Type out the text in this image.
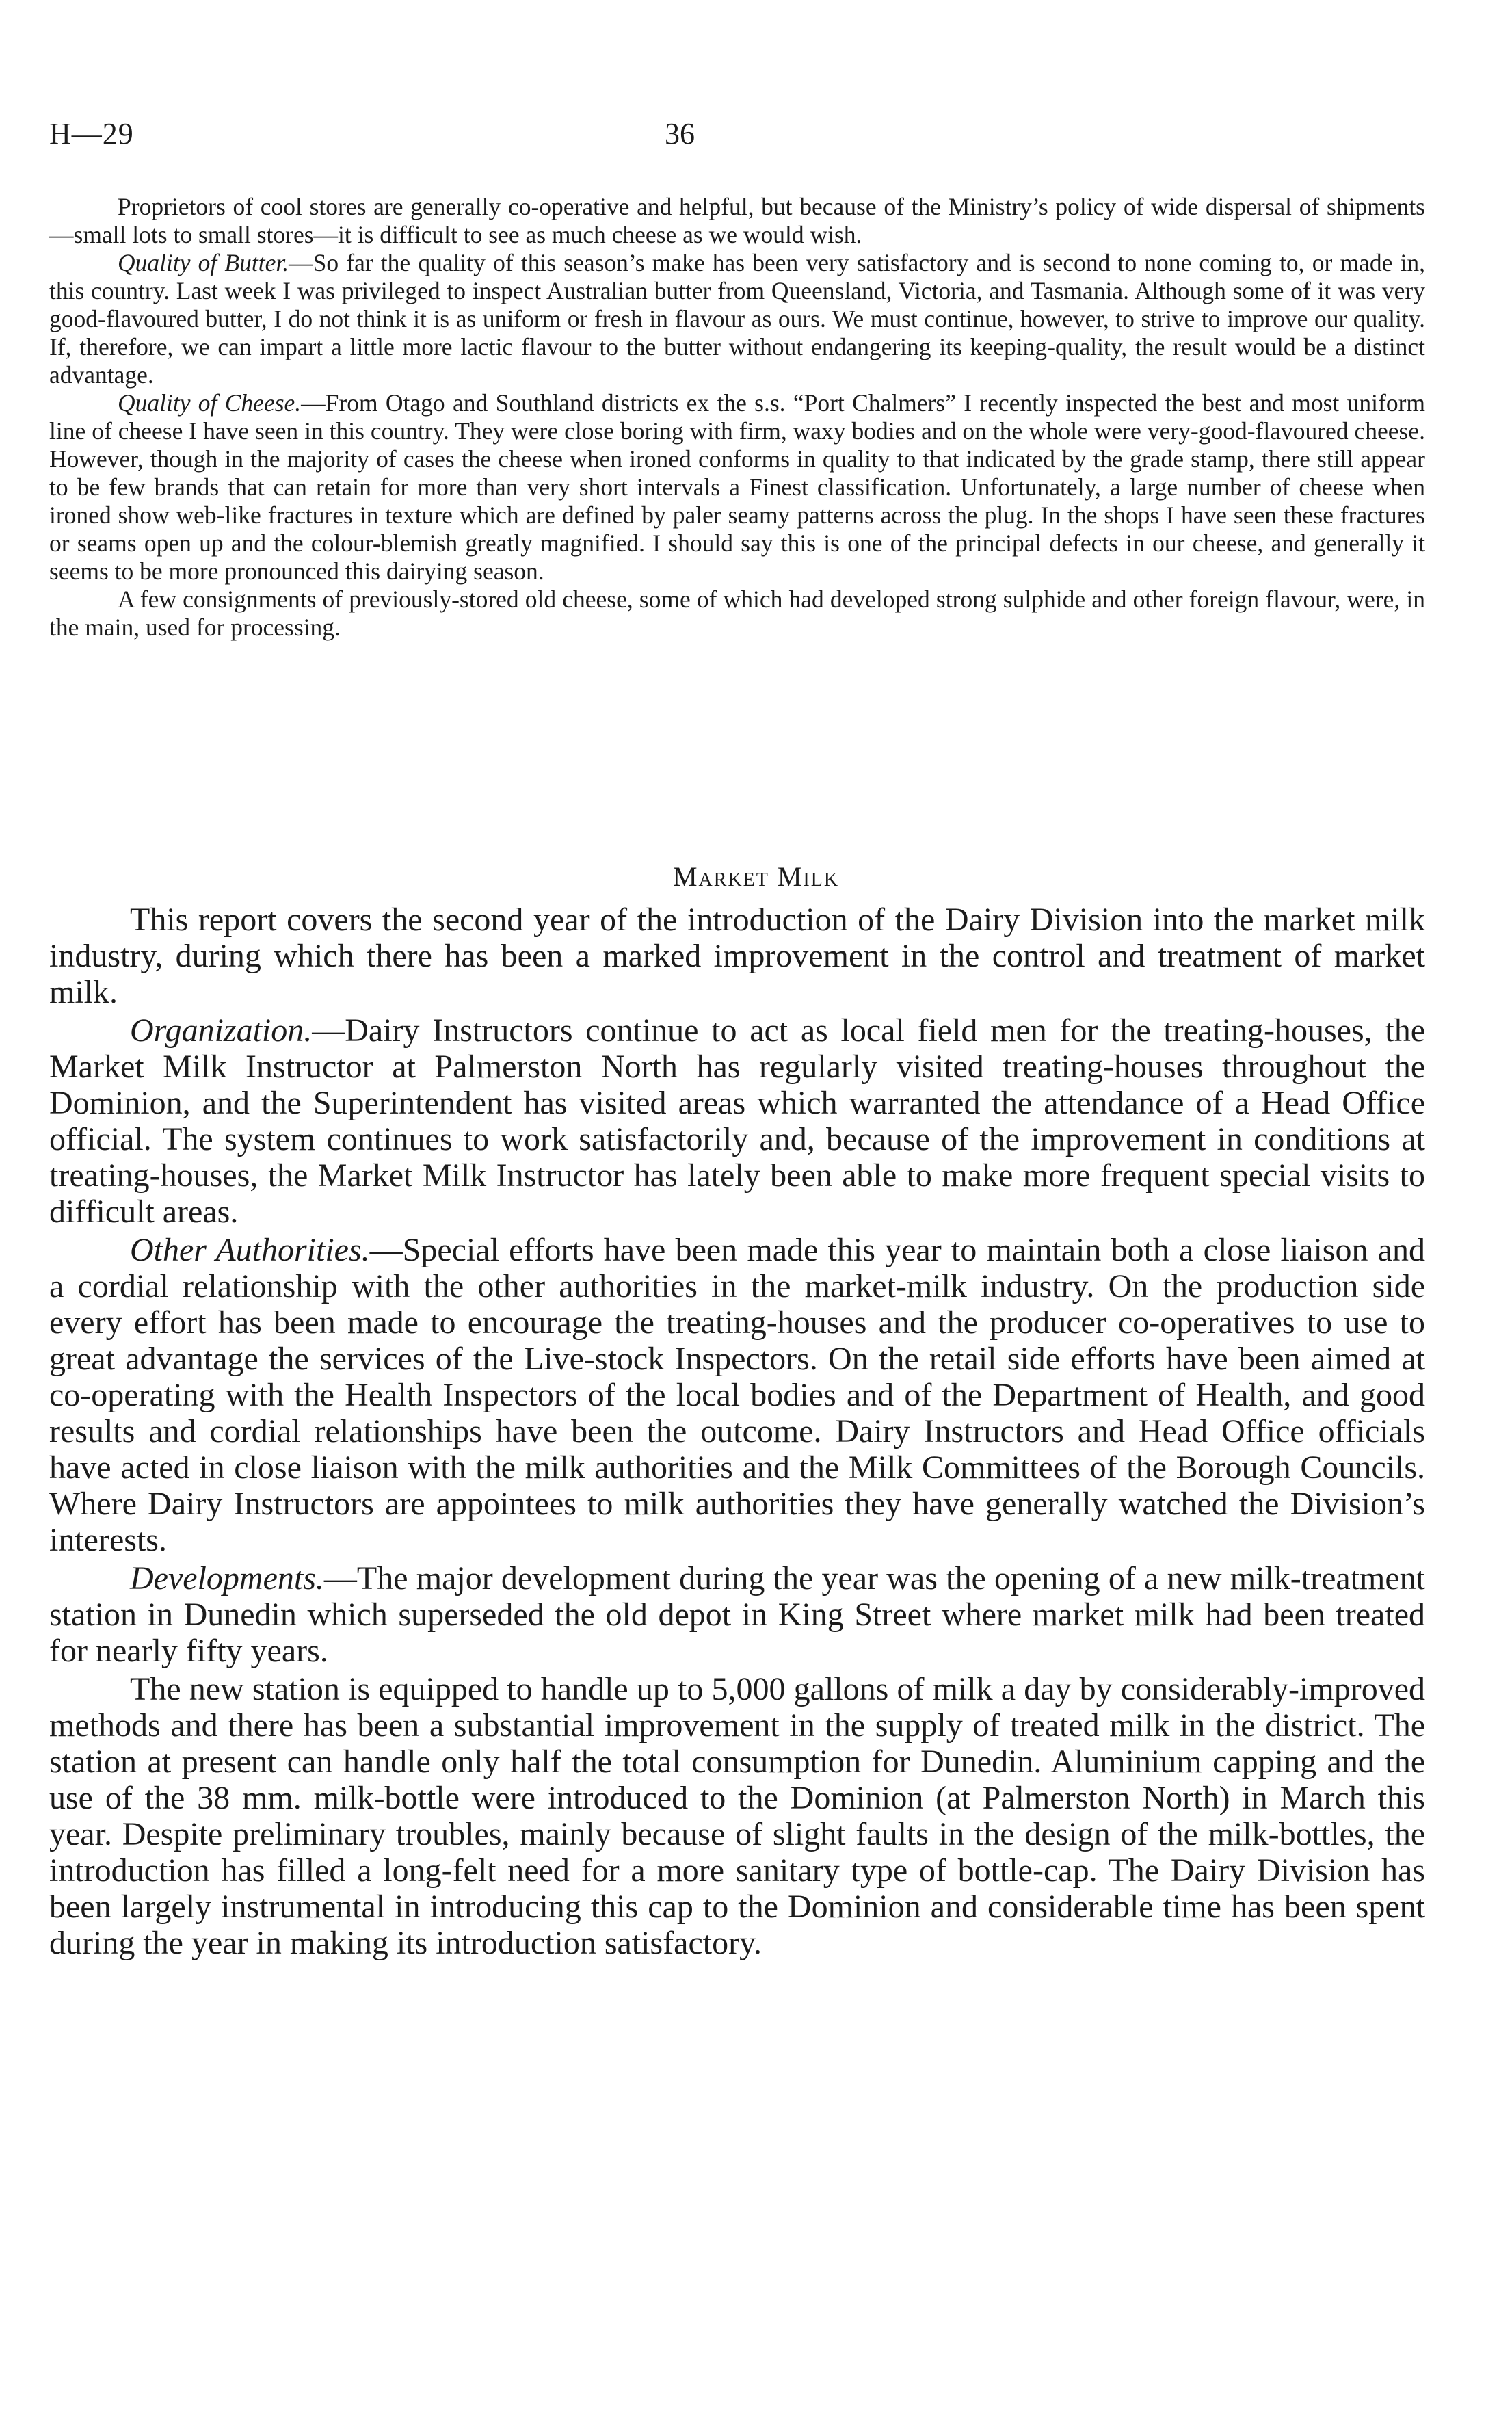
H—29	36

Proprietors of cool stores are generally co-operative and helpful, but because of the Ministry’s policy of wide dispersal of shipments—small lots to small stores—it is difficult to see as much cheese as we would wish.

Quality of Butter.—So far the quality of this season’s make has been very satisfactory and is second to none coming to, or made in, this country. Last week I was privileged to inspect Australian butter from Queensland, Victoria, and Tasmania. Although some of it was very good-flavoured butter, I do not think it is as uniform or fresh in flavour as ours. We must continue, however, to strive to improve our quality. If, therefore, we can impart a little more lactic flavour to the butter without endangering its keeping-quality, the result would be a distinct advantage.

Quality of Cheese.—From Otago and Southland districts ex the s.s. “Port Chalmers” I recently inspected the best and most uniform line of cheese I have seen in this country. They were close boring with firm, waxy bodies and on the whole were very-good-flavoured cheese. However, though in the majority of cases the cheese when ironed conforms in quality to that indicated by the grade stamp, there still appear to be few brands that can retain for more than very short intervals a Finest classification. Unfortunately, a large number of cheese when ironed show web-like fractures in texture which are defined by paler seamy patterns across the plug. In the shops I have seen these fractures or seams open up and the colour-blemish greatly magnified. I should say this is one of the principal defects in our cheese, and generally it seems to be more pronounced this dairying season.

A few consignments of previously-stored old cheese, some of which had developed strong sulphide and other foreign flavour, were, in the main, used for processing.

Market Milk

This report covers the second year of the introduction of the Dairy Division into the market milk industry, during which there has been a marked improvement in the control and treatment of market milk.

Organization.—Dairy Instructors continue to act as local field men for the treating-houses, the Market Milk Instructor at Palmerston North has regularly visited treating-houses throughout the Dominion, and the Superintendent has visited areas which warranted the attendance of a Head Office official. The system continues to work satisfactorily and, because of the improvement in conditions at treating-houses, the Market Milk Instructor has lately been able to make more frequent special visits to difficult areas.

Other Authorities.—Special efforts have been made this year to maintain both a close liaison and a cordial relationship with the other authorities in the market-milk industry. On the production side every effort has been made to encourage the treating-houses and the producer co-operatives to use to great advantage the services of the Live-stock Inspectors. On the retail side efforts have been aimed at co-operating with the Health Inspectors of the local bodies and of the Department of Health, and good results and cordial relationships have been the outcome. Dairy Instructors and Head Office officials have acted in close liaison with the milk authorities and the Milk Committees of the Borough Councils. Where Dairy Instructors are appointees to milk authorities they have generally watched the Division’s interests.

Developments.—The major development during the year was the opening of a new milk-treatment station in Dunedin which superseded the old depot in King Street where market milk had been treated for nearly fifty years.

The new station is equipped to handle up to 5,000 gallons of milk a day by considerably-improved methods and there has been a substantial improvement in the supply of treated milk in the district. The station at present can handle only half the total consumption for Dunedin. Aluminium capping and the use of the 38 mm. milk-bottle were introduced to the Dominion (at Palmerston North) in March this year. Despite preliminary troubles, mainly because of slight faults in the design of the milk-bottles, the introduction has filled a long-felt need for a more sanitary type of bottle-cap. The Dairy Division has been largely instrumental in introducing this cap to the Dominion and considerable time has been spent during the year in making its introduction satisfactory.
